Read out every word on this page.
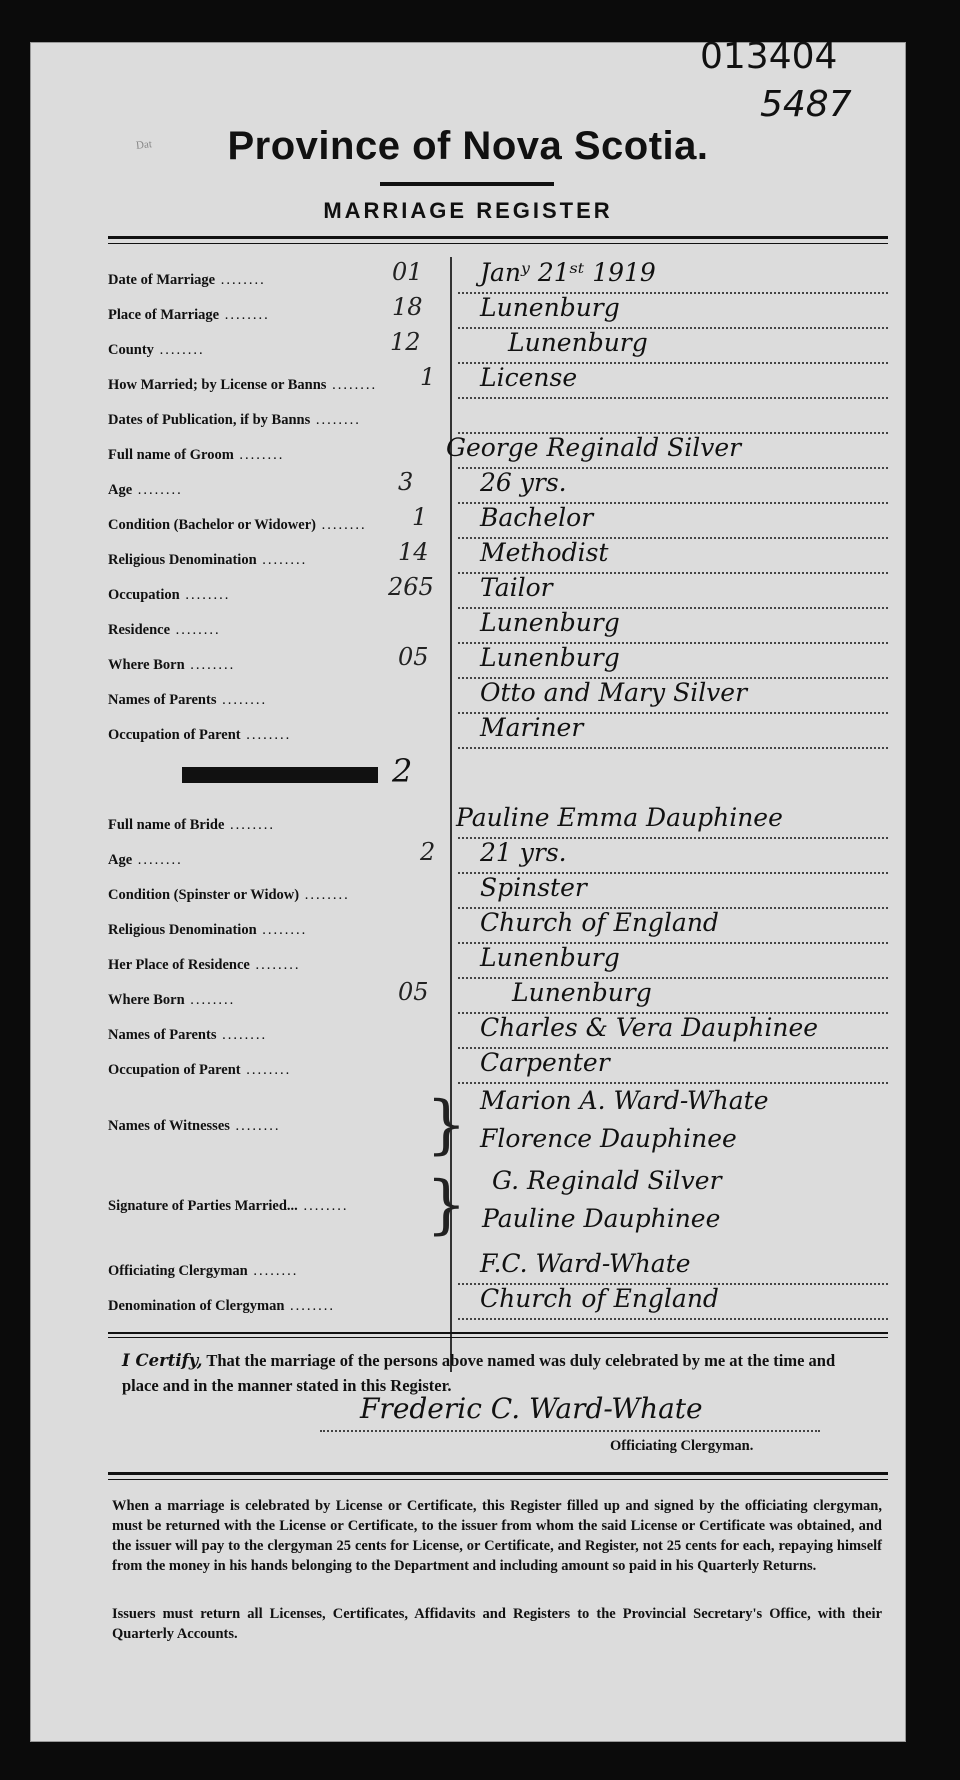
013404
5487
Dat	Province of Nova Scotia.
MARRIAGE REGISTER
Date of Marriage ........	01 Janʸ 21ˢᵗ 1919
Place of Marriage ........	18 Lunenburg
County ........	12	Lunenburg
How Married; by License or Banns ........ 1 License
Dates of Publication, if by Banns ........
Full name of Groom ........	George Reginald Silver
Age ........	3	26 yrs.
Condition (Bachelor or Widower) ........ 1 Bachelor
Religious Denomination ........	14 Methodist
Occupation ........	265 Tailor
Residence ........	Lunenburg
Where Born ........	05 Lunenburg
Names of Parents ........	Otto and Mary Silver
Occupation of Parent ........	Mariner
2
Full name of Bride ........	Pauline Emma Dauphinee
Age ........	2 21 yrs.
Condition (Spinster or Widow) ........	Spinster
Religious Denomination ........	Church of England
Her Place of Residence ........	Lunenburg
Where Born ........	05	Lunenburg
Names of Parents ........	Charles & Vera Dauphinee
Occupation of Parent ........	Carpenter
Names of Witnesses ........ } Marion A. Ward-Whate
Florence Dauphinee
Signature of Parties Married... ........ } G. Reginald Silver
Pauline Dauphinee
Officiating Clergyman ........	F.C. Ward-Whate
Denomination of Clergyman ........	Church of England
I Certify, That the marriage of the persons above named was duly celebrated by me at the time and place and in the manner stated in this Register.
Frederic C. Ward-Whate
Officiating Clergyman.
When a marriage is celebrated by License or Certificate, this Register filled up and signed by the officiating clergyman, must be returned with the License or Certificate, to the issuer from whom the said License or Certificate was obtained, and the issuer will pay to the clergyman 25 cents for License, or Certificate, and Register, not 25 cents for each, repaying himself from the money in his hands belonging to the Department and including amount so paid in his Quarterly Returns.
Issuers must return all Licenses, Certificates, Affidavits and Registers to the Provincial Secretary's Office, with their Quarterly Accounts.
